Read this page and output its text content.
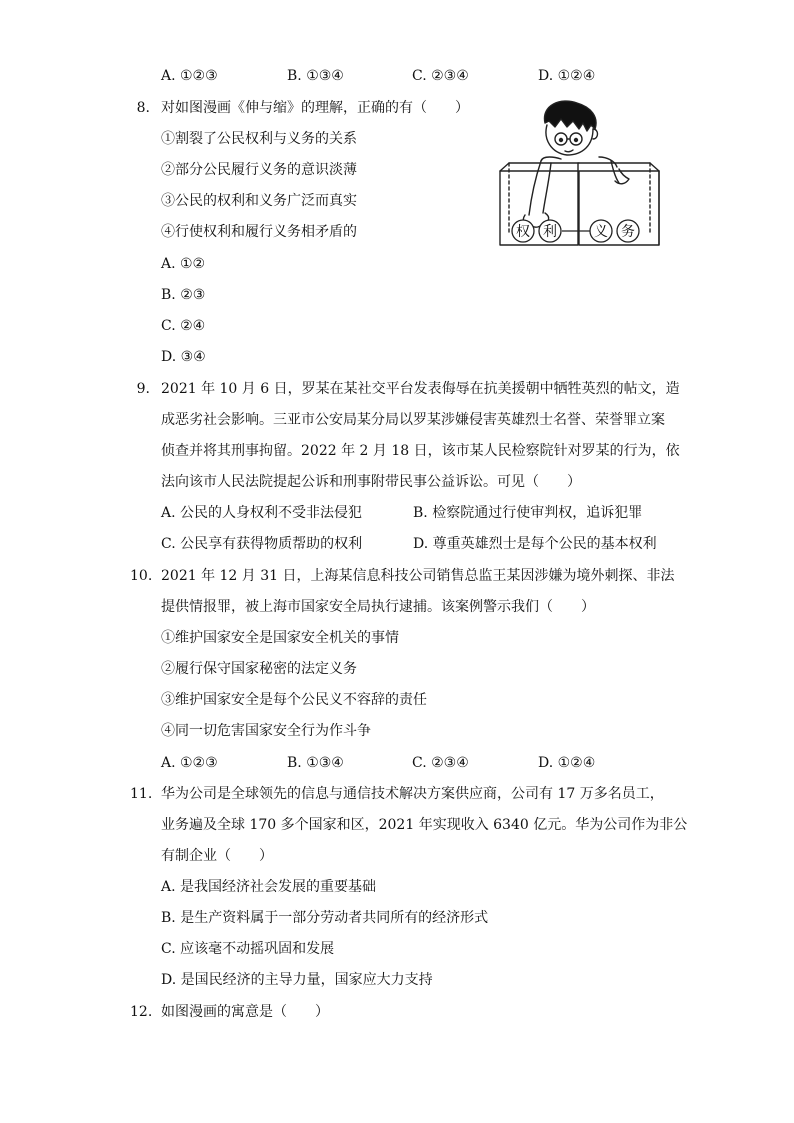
A. ①②③	B. ①③④	C. ②③④	D. ①②④
8. 对如图漫画《伸与缩》的理解，正确的有（　　）
①割裂了公民权利与义务的关系
②部分公民履行义务的意识淡薄
③公民的权利和义务广泛而真实
④行使权利和履行义务相矛盾的
A. ①②
B. ②③
C. ②④
D. ③④
权 利	义 务
9. 2021 年 10 月 6 日，罗某在某社交平台发表侮辱在抗美援朝中牺牲英烈的帖文，造
成恶劣社会影响。三亚市公安局某分局以罗某涉嫌侵害英雄烈士名誉、荣誉罪立案
侦查并将其刑事拘留。2022 年 2 月 18 日，该市某人民检察院针对罗某的行为，依
法向该市人民法院提起公诉和刑事附带民事公益诉讼。可见（　　）
A. 公民的人身权利不受非法侵犯	B. 检察院通过行使审判权，追诉犯罪
C. 公民享有获得物质帮助的权利	D. 尊重英雄烈士是每个公民的基本权利
10. 2021 年 12 月 31 日，上海某信息科技公司销售总监王某因涉嫌为境外刺探、非法
提供情报罪，被上海市国家安全局执行逮捕。该案例警示我们（　　）
①维护国家安全是国家安全机关的事情
②履行保守国家秘密的法定义务
③维护国家安全是每个公民义不容辞的责任
④同一切危害国家安全行为作斗争
A. ①②③	B. ①③④	C. ②③④	D. ①②④
11. 华为公司是全球领先的信息与通信技术解决方案供应商，公司有 17 万多名员工，
业务遍及全球 170 多个国家和区，2021 年实现收入 6340 亿元。华为公司作为非公
有制企业（　　）
A. 是我国经济社会发展的重要基础
B. 是生产资料属于一部分劳动者共同所有的经济形式
C. 应该毫不动摇巩固和发展
D. 是国民经济的主导力量，国家应大力支持
12. 如图漫画的寓意是（　　）
